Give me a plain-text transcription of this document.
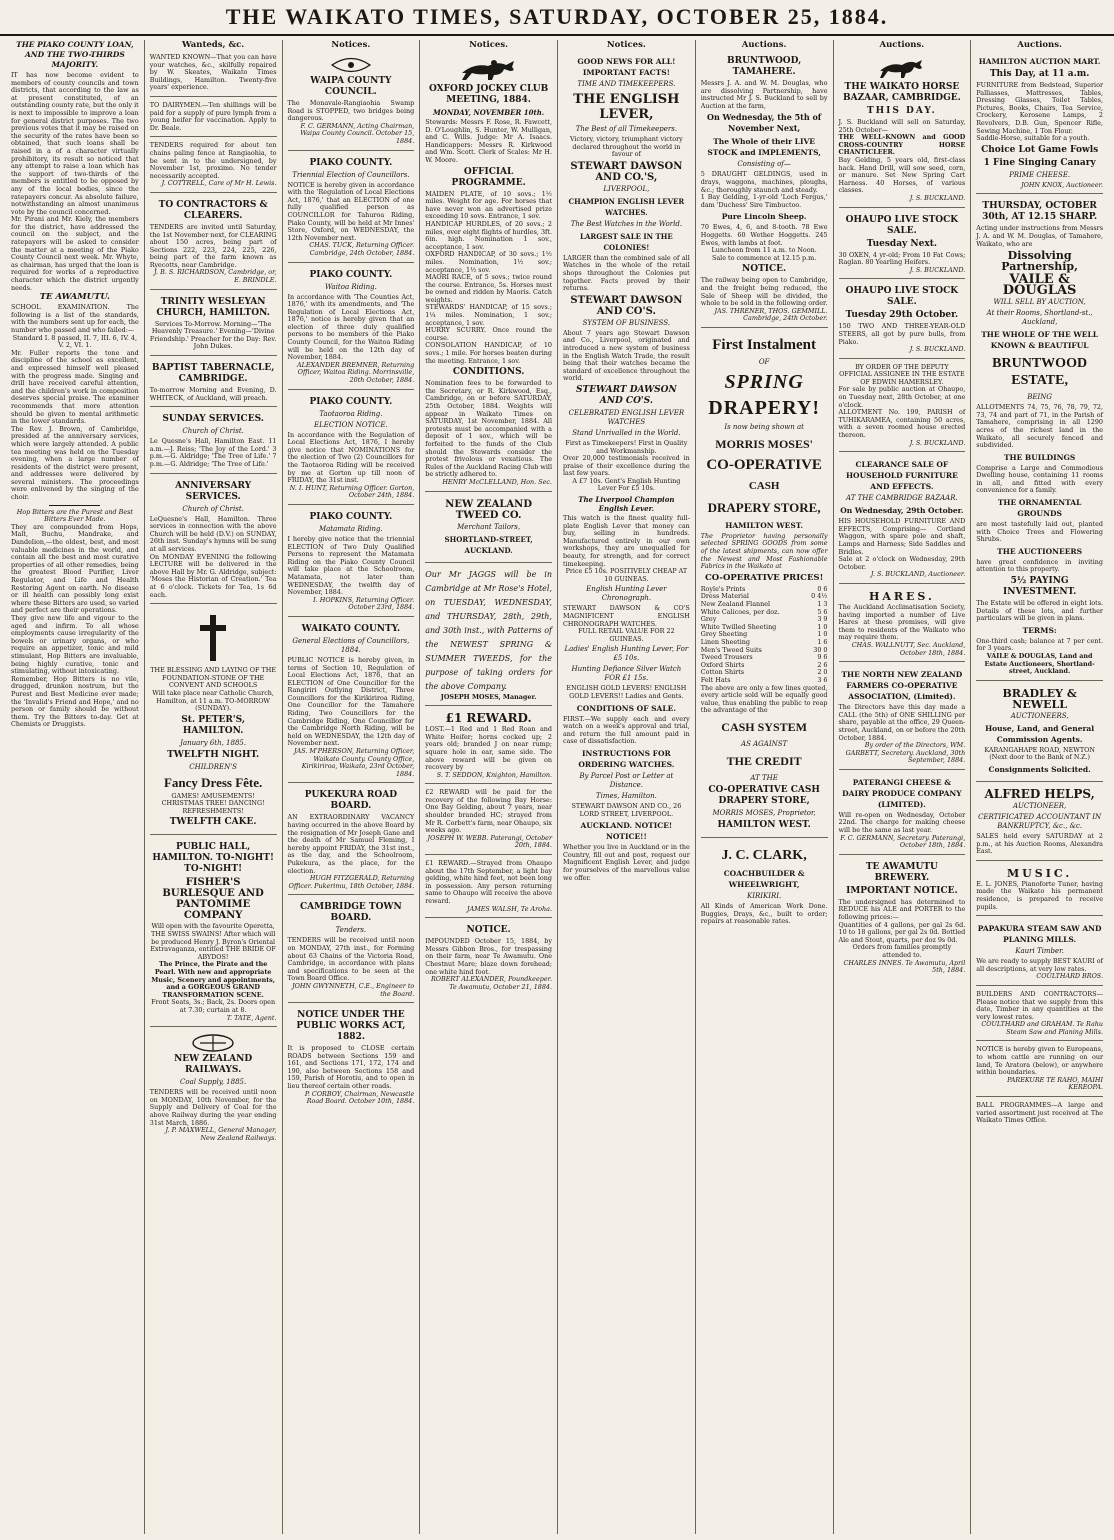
THE WAIKATO TIMES, SATURDAY, OCTOBER 25, 1884.
THE PIAKO COUNTY LOAN, AND THE TWO-THIRDS MAJORITY.

IT has now become evident to members of county councils and town districts, that according to the law as at present constituted, of an outstanding county rate, but the only it is next to impossible to improve a loan for general district purposes. The two previous votes that it may be raised on the security of the rates have been so obtained, that such loans shall be raised in a of a character virtually prohibitory, its result so noticed that any attempt to raise a loan which has the support of two-thirds of the members is entitled to be opposed by any of the local bodies, since the ratepayers concur. As absolute failure, notwithstanding an almost unanimous vote by the council concerned.

Mr. Pirani and Mr. Kiely, the members for the district, have addressed the council on the subject, and the ratepayers will be asked to consider the matter at a meeting of the Piako County Council next week. Mr. Whyte, as chairman, has urged that the loan is required for works of a reproductive character which the district urgently needs.

TE AWAMUTU.

SCHOOL EXAMINATION. The following is a list of the standards, with the numbers sent up for each, the number who passed and who failed:—

Standard I. 8 passed, II. 7, III. 6, IV. 4, V. 2, VI. 1.

Mr. Fuller reports the tone and discipline of the school as excellent, and expressed himself well pleased with the progress made. Singing and drill have received careful attention, and the children's work in composition deserves special praise. The examiner recommends that more attention should be given to mental arithmetic in the lower standards.

The Rev. J. Brown, of Cambridge, presided at the anniversary services, which were largely attended. A public tea meeting was held on the Tuesday evening, when a large number of residents of the district were present, and addresses were delivered by several ministers. The proceedings were enlivened by the singing of the choir.

Hop Bitters are the Purest and Best Bitters Ever Made.

They are compounded from Hops, Malt, Buchu, Mandrake, and Dandelion,—the oldest, best, and most valuable medicines in the world, and contain all the best and most curative properties of all other remedies, being the greatest Blood Purifier, Liver Regulator, and Life and Health Restoring Agent on earth. No disease or ill health can possibly long exist where these Bitters are used, so varied and perfect are their operations.

They give new life and vigour to the aged and infirm. To all whose employments cause irregularity of the bowels or urinary organs, or who require an appetizer, tonic and mild stimulant, Hop Bitters are invaluable, being highly curative, tonic and stimulating, without intoxicating.

Remember, Hop Bitters is no vile, drugged, drunken nostrum, but the Purest and Best Medicine ever made; the 'Invalid's Friend and Hope,' and no person or family should be without them. Try the Bitters to-day. Get at Chemists or Druggists.

Wanteds, &c.

WANTED KNOWN—That you can have your watches, &c., skilfully repaired by W. Skeates, Waikato Times Buildings, Hamilton. Twenty-five years' experience.

TO DAIRYMEN.—Ten shillings will be paid for a supply of pure lymph from a young heifer for vaccination. Apply to Dr. Beale.

TENDERS required for about ten chains paling fence at Rangiaohia, to be sent in to the undersigned, by November 1st, proximo. No tender necessarily accepted.

J. COTTRELL, Care of Mr H. Lewis.

TO CONTRACTORS & CLEARERS.

TENDERS are invited until Saturday, the 1st November next, for CLEARING about 150 acres, being part of Sections 222, 223, 224, 225, 226, being part of the farm known as Ryecotts, near Cambridge.

J. B. S. RICHARDSON, Cambridge, or, E. BRINDLE.

TRINITY WESLEYAN CHURCH, HAMILTON.

Services To-Morrow. Morning—'The Heavenly Treasure.' Evening—'Divine Friendship.' Preacher for the Day: Rev. John Dukes.

BAPTIST TABERNACLE, CAMBRIDGE.

To-morrow Morning and Evening, D. WHITECK, of Auckland, will preach.

SUNDAY SERVICES.
Church of Christ.

Le Quesne's Hall, Hamilton East. 11 a.m.—J. Reiss; 'The Joy of the Lord.' 3 p.m.—G. Aldridge; 'The Tree of Life.' 7 p.m.—G. Aldridge; 'The Tree of Life.'

ANNIVERSARY SERVICES.
Church of Christ.

LeQuesne's Hall, Hamilton. Three services in connection with the above Church will be held (D.V.) on SUNDAY, 26th inst. Sunday's hymns will be sung at all services.

On MONDAY EVENING the following LECTURE will be delivered in the above Hall by Mr. G. Aldridge, subject: 'Moses the Historian of Creation.' Tea at 6 o'clock. Tickets for Tea, 1s 6d each.

THE BLESSING AND LAYING OF THE FOUNDATION-STONE OF THE CONVENT AND SCHOOLS

Will take place near Catholic Church, Hamilton, at 11 a.m. TO-MORROW (SUNDAY).

St. PETER'S, HAMILTON.
January 6th, 1885.
TWELFTH NIGHT.
CHILDREN'S
Fancy Dress Fête.

GAMES! AMUSEMENTS! CHRISTMAS TREE! DANCING! REFRESHMENTS!

TWELFTH CAKE.
PUBLIC HALL, HAMILTON. TO-NIGHT! TO-NIGHT!
FISHER'S BURLESQUE AND PANTOMIME COMPANY

Will open with the favourite Operetta, THE SWISS SWAINS! After which will be produced Henry J. Byron's Oriental Extravaganza, entitled THE BRIDE OF ABYDOS!

The Prince, the Pirate and the Pearl. With new and appropriate Music, Scenery and appointments, and a GORGEOUS GRAND TRANSFORMATION SCENE.

Front Seats, 3s.; Back, 2s. Doors open at 7.30; curtain at 8.

T. TATE, Agent.

NEW ZEALAND RAILWAYS.
Coal Supply, 1885.

TENDERS will be received until noon on MONDAY, 10th November, for the Supply and Delivery of Coal for the above Railway during the year ending 31st March, 1886.

J. P. MAXWELL, General Manager, New Zealand Railways.

Notices.
WAIPA COUNTY COUNCIL.

The Monavale-Rangiaohia Swamp Road is STOPPED, two bridges being dangerous.

F. C. GERMANN, Acting Chairman, Waipa County Council. October 15, 1884.

PIAKO COUNTY.
Triennial Election of Councillors.

NOTICE is hereby given in accordance with the 'Regulation of Local Elections Act, 1876,' that an ELECTION of one fully qualified person as COUNCILLOR for Tahuroa Riding, Piako County, will be held at Mr Innes' Store, Oxford, on WEDNESDAY, the 12th November next.

CHAS. TUCK, Returning Officer. Cambridge, 24th October, 1884.

PIAKO COUNTY.
Waitoa Riding.

In accordance with 'The Counties Act, 1876,' with its amendments, and 'The Regulation of Local Elections Act, 1876,' notice is hereby given that an election of three duly qualified persons to be members of the Piako County Council, for the Waitoa Riding will be held on the 12th day of November, 1884.

ALEXANDER BREMNER, Returning Officer, Waitoa Riding. Morrinsville, 20th October, 1884.

PIAKO COUNTY.
Taotaoroa Riding.
ELECTION NOTICE.

In accordance with the Regulation of Local Elections Act, 1876, I hereby give notice that NOMINATIONS for the election of Two (2) Councillors for the Taotaoroa Riding will be received by me at Gorton up till noon of FRIDAY, the 31st inst.

N. I. HUNT, Returning Officer. Gorton, October 24th, 1884.

PIAKO COUNTY.
Matamata Riding.

I hereby give notice that the triennial ELECTION of Two Duly Qualified Persons to represent the Matamata Riding on the Piako County Council will take place at the Schoolroom, Matamata, not later than WEDNESDAY, the twelfth day of November, 1884.

I. HOPKINS, Returning Officer. October 23rd, 1884.

WAIKATO COUNTY.
General Elections of Councillors, 1884.

PUBLIC NOTICE is hereby given, in terms of Section 10, Regulation of Local Elections Act, 1876, that an ELECTION of One Councillor for the Rangiriri Outlying District, Three Councillors for the Kirikiriroa Riding, One Councillor for the Tamahere Riding, Two Councillors for the Cambridge Riding, One Councillor for the Cambridge North Riding, will be held on WEDNESDAY, the 12th day of November next.

JAS. M'PHERSON, Returning Officer, Waikato County. County Office, Kirikiriroa, Waikato, 23rd October, 1884.

PUKEKURA ROAD BOARD.

AN EXTRAORDINARY VACANCY having occurred in the above Board by the resignation of Mr Joseph Gane and the death of Mr Samuel Fleming, I hereby appoint FRIDAY, the 31st inst., as the day, and the Schoolroom, Pukekura, as the place, for the election.

HUGH FITZGERALD, Returning Officer. Pukerimu, 18th October, 1884.

CAMBRIDGE TOWN BOARD.
Tenders.

TENDERS will be received until noon on MONDAY, 27th inst., for Forming about 63 Chains of the Victoria Road, Cambridge, in accordance with plans and specifications to be seen at the Town Board Office.

JOHN GWYNNETH, C.E., Engineer to the Board.

NOTICE UNDER THE PUBLIC WORKS ACT, 1882.

It is proposed to CLOSE certain ROADS between Sections 159 and 161, and Sections 171, 172, 174 and 190, also between Sections 158 and 159, Parish of Horotiu, and to open in lieu thereof certain other roads.

P. CORBOY, Chairman, Newcastle Road Board. October 10th, 1884.

Notices.
OXFORD JOCKEY CLUB MEETING, 1884.
MONDAY, NOVEMBER 10th.

Stewards: Messrs F. Rose, R. Fawcett, D. O'Loughlin, S. Hunter, W. Mulligan, and C. Wills. Judge: Mr A. Isaacs. Handicappers: Messrs R. Kirkwood and Wm. Scott. Clerk of Scales: Mr H. W. Moore.

OFFICIAL PROGRAMME.

MAIDEN PLATE, of 10 sovs.; 1½ miles. Weight for age. For horses that have never won an advertised prize exceeding 10 sovs. Entrance, 1 sov.

HANDICAP HURDLES, of 20 sovs.; 2 miles, over eight flights of hurdles, 3ft. 6in. high. Nomination 1 sov., acceptance, 1 sov.

OXFORD HANDICAP, of 30 sovs.; 1½ miles. Nomination, 1½ sov.; acceptance, 1½ sov.

MAORI RACE, of 5 sovs.; twice round the course. Entrance, 5s. Horses must be owned and ridden by Maoris. Catch weights.

STEWARDS' HANDICAP, of 15 sovs.; 1¼ miles. Nomination, 1 sov.; acceptance, 1 sov.

HURRY SCURRY. Once round the course.

CONSOLATION HANDICAP, of 10 sovs.; 1 mile. For horses beaten during the meeting. Entrance, 1 sov.

CONDITIONS.

Nomination fees to be forwarded to the Secretary, or R. Kirkwood, Esq., Cambridge, on or before SATURDAY, 25th October, 1884. Weights will appear in Waikato Times on SATURDAY, 1st November, 1884. All protests must be accompanied with a deposit of 1 sov., which will be forfeited to the funds of the Club should the Stewards consider the protest frivolous or vexatious. The Rules of the Auckland Racing Club will be strictly adhered to.

HENRY McCLELLAND, Hon. Sec.

NEW ZEALAND TWEED CO.
Merchant Tailors,
SHORTLAND-STREET, AUCKLAND.

Our Mr JAGGS will be in Cambridge at Mr Rose's Hotel, on TUESDAY, WEDNESDAY, and THURSDAY, 28th, 29th, and 30th inst., with Patterns of the NEWEST SPRING & SUMMER TWEEDS, for the purpose of taking orders for the above Company.

JOSEPH MOSES, Manager.

£1 REWARD.

LOST.—1 Red and 1 Red Roan and White Heifer; horns cocked up; 2 years old; branded J on near rump; square hole in ear, same side. The above reward will be given on recovery by

S. T. SEDDON, Knighton, Hamilton.

£2 REWARD will be paid for the recovery of the following Bay Horse: One Bay Gelding, about 7 years, near shoulder branded HC; strayed from Mr R. Corbett's farm, near Ohaupo, six weeks ago.

JOSEPH W. WEBB. Paterangi, October 20th, 1884.

£1 REWARD.—Strayed from Ohaupo about the 17th September, a light bay gelding, white hind feet, not been long in possession. Any person returning same to Ohaupo will receive the above reward.

JAMES WALSH, Te Aroha.

NOTICE.

IMPOUNDED October 15, 1884, by Messrs Gibbon Bros., for trespassing on their farm, near Te Awamutu. One Chestnut Mare; blaze down forehead; one white hind foot.

ROBERT ALEXANDER, Poundkeeper. Te Awamutu, October 21, 1884.

Notices.
GOOD NEWS FOR ALL! IMPORTANT FACTS!
TIME AND TIMEKEEPERS.
THE ENGLISH LEVER,
The Best of all Timekeepers.

Victory, victory, triumphant victory declared throughout the world in favour of

STEWART DAWSON AND CO.'S,
LIVERPOOL,
CHAMPION ENGLISH LEVER WATCHES.
The Best Watches in the World.
LARGEST SALE IN THE COLONIES!

LARGER than the combined sale of all Watches in the whole of the retail shops throughout the Colonies put together. Facts proved by their returns.

STEWART DAWSON AND CO'S.
SYSTEM OF BUSINESS.

About 7 years ago Stewart Dawson and Co., Liverpool, originated and introduced a new system of business in the English Watch Trade, the result being that their watches became the standard of excellence throughout the world.

STEWART DAWSON AND CO'S.
CELEBRATED ENGLISH LEVER WATCHES
Stand Unrivalled in the World.

First as Timekeepers! First in Quality and Workmanship.

Over 20,000 testimonials received in praise of their excellence during the last few years.

A £7 10s. Gent's English Hunting Lever For £5 10s.

The Liverpool Champion English Lever.

This watch is the finest quality full-plate English Lever that money can buy, selling in hundreds. Manufactured entirely in our own workshops, they are unequalled for beauty, for strength, and for correct timekeeping.

Price £5 10s. POSITIVELY CHEAP AT 10 GUINEAS.

English Hunting Lever Chronograph.

STEWART DAWSON & CO'S MAGNIFICENT ENGLISH CHRONOGRAPH WATCHES.

FULL RETAIL VALUE FOR 22 GUINEAS.

Ladies' English Hunting Lever, For £5 10s.
Hunting Defiance Silver Watch FOR £1 15s.

ENGLISH GOLD LEVERS! ENGLISH GOLD LEVERS!! Ladies and Gents.

CONDITIONS OF SALE.

FIRST.—We supply each and every watch on a week's approval and trial, and return the full amount paid in case of dissatisfaction.

INSTRUCTIONS FOR ORDERING WATCHES.
By Parcel Post or Letter at Distance.
Times, Hamilton.

STEWART DAWSON AND CO., 26 LORD STREET, LIVERPOOL.

AUCKLAND. NOTICE! NOTICE!!

Whether you live in Auckland or in the Country, fill out and post, request our Magnificent English Lever, and judge for yourselves of the marvellous value we offer.

Auctions.
BRUNTWOOD, TAMAHERE.

Messrs J. A. and W. M. Douglas, who are dissolving Partnership, have instructed Mr J. S. Buckland to sell by Auction at the farm,

On Wednesday, the 5th of November Next,
The Whole of their LIVE STOCK and IMPLEMENTS,
Consisting of—

5 DRAUGHT GELDINGS, used in drays, waggons, machines, ploughs, &c.; thoroughly staunch and steady.

1 Bay Gelding, 1-yr-old 'Loch Fergus,' dam 'Duchess' Sire Timbuctoo.

Pure Lincoln Sheep.

70 Ewes, 4, 6, and 8-tooth. 78 Ewe Hoggetts. 60 Wether Hoggetts. 245 Ewes, with lambs at foot.

Luncheon from 11 a.m. to Noon.

Sale to commence at 12.15 p.m.

NOTICE.

The railway being open to Cambridge, and the freight being reduced, the Sale of Sheep will be divided, the whole to be sold in the following order.

JAS. THRENER, THOS. GEMMILL. Cambridge, 24th October.

First Instalment
OF
SPRING
DRAPERY!
Is now being shown at
MORRIS MOSES'
CO-OPERATIVE
CASH
DRAPERY STORE,
HAMILTON WEST.

The Proprietor having personally selected SPRING GOODS from some of the latest shipments, can now offer the Newest and Most Fashionable Fabrics in the Waikato at

CO-OPERATIVE PRICES!
Royle's Prints	0 6
Dress Material	0 4½
New Zealand Flannel	1 3
White Calicoes, per doz.	5 6
Grey	3 9
White Twilled Sheeting	1 0
Grey Sheeting	1 0
Linen Sheeting	1 6
Men's Tweed Suits	30 0
Tweed Trousers	9 6
Oxford Shirts	2 6
Cotton Shirts	2 0
Felt Hats	3 6

The above are only a few lines quoted, every article sold will be equally good value, thus enabling the public to reap the advantage of the

CASH SYSTEM
AS AGAINST
THE CREDIT
AT THE
CO-OPERATIVE CASH DRAPERY STORE,
MORRIS MOSES, Proprietor,
HAMILTON WEST.
J. C. CLARK,
COACHBUILDER & WHEELWRIGHT,
KIRIKIRI.

All Kinds of American Work Done. Buggies, Drays, &c., built to order; repairs at reasonable rates.

Auctions.
THE WAIKATO HORSE BAZAAR, CAMBRIDGE.
THIS DAY.

J. S. Buckland will sell on Saturday, 25th October—

THE WELL-KNOWN and GOOD CROSS-COUNTRY HORSE CHANTICLEER.

Bay Gelding, 5 years old, first-class hack. Hand Drill, will sow seed, corn, or manure. Set New Spring Cart Harness. 40 Horses, of various classes.

J. S. BUCKLAND.

OHAUPO LIVE STOCK SALE.
Tuesday Next.

30 OXEN, 4 yr-old; From 10 Fat Cows; Raglan. 80 Yearling Heifers.

J. S. BUCKLAND.

OHAUPO LIVE STOCK SALE.
Tuesday 29th October.

150 TWO AND THREE-YEAR-OLD STEERS, all got by pure bulls, from Piako.

J. S. BUCKLAND.

BY ORDER OF THE DEPUTY OFFICIAL ASSIGNEE IN THE ESTATE OF EDWIN HAMERSLEY.

For sale by public auction at Ohaupo, on Tuesday next, 28th October, at one o'clock.

ALLOTMENT No. 199, PARISH of TUHIKARAMEA, containing 50 acres, with a seven roomed house erected thereon.

J. S. BUCKLAND.

CLEARANCE SALE OF HOUSEHOLD FURNITURE AND EFFECTS.
AT THE CAMBRIDGE BAZAAR.
On Wednesday, 29th October.

HIS HOUSEHOLD FURNITURE AND EFFECTS, Comprising— Cortland Waggon, with spare pole and shaft, Lamps and Harness; Side Saddles and Bridles.

Sale at 2 o'clock on Wednesday, 29th October.

J. S. BUCKLAND, Auctioneer.

HARES.

The Auckland Acclimatisation Society, having imported a number of Live Hares at these premises, will give them to residents of the Waikato who may require them.

CHAS. WALLNUTT, Sec. Auckland, October 18th, 1884.

THE NORTH NEW ZEALAND FARMERS CO-OPERATIVE ASSOCIATION, (Limited).

The Directors have this day made a CALL (the 5th) of ONE SHILLING per share, payable at the office, 29 Queen-street, Auckland, on or before the 20th October, 1884.

By order of the Directors, WM. GARBETT, Secretary. Auckland, 30th September, 1884.

PATERANGI CHEESE & DAIRY PRODUCE COMPANY (LIMITED).

Will re-open on Wednesday, October 22nd. The charge for making cheese will be the same as last year.

F. C. GERMANN, Secretary. Paterangi, October 18th, 1884.

TE AWAMUTU BREWERY.
IMPORTANT NOTICE.

The undersigned has determined to REDUCE his ALE and PORTER to the following prices:—

Quantities of 4 gallons, per gal 2s 6d. 10 to 18 gallons, per gal 2s 0d. Bottled Ale and Stout, quarts, per doz 9s 0d.

Orders from families promptly attended to.

CHARLES INNES. Te Awamutu, April 5th, 1884.

Auctions.
HAMILTON AUCTION MART.
This Day, at 11 a.m.

FURNITURE from Bedstead, Superior Palliasses, Mattresses, Tables, Dressing Glasses, Toilet Tables, Pictures, Books, Chairs, Tea Service, Crockery, Kerosene Lamps, 2 Revolvers, D.B. Gun, Spencer Rifle, Sewing Machine, 1 Ton Flour.

Saddle-Horse, suitable for a youth.

Choice Lot Game Fowls
1 Fine Singing Canary
PRIME CHEESE.

JOHN KNOX, Auctioneer.

THURSDAY, OCTOBER 30th, AT 12.15 SHARP.

Acting under instructions from Messrs J. A. and W. M. Douglas, of Tamahere, Waikato, who are

Dissolving Partnership,
VAILE & DOUGLAS
WILL SELL BY AUCTION,
At their Rooms, Shortland-st., Auckland,
THE WHOLE OF THE WELL KNOWN & BEAUTIFUL
BRUNTWOOD ESTATE,
BEING

ALLOTMENTS 74, 75, 76, 78, 79, 72, 73, 74 and part of 71, in the Parish of Tamahere, comprising in all 1290 acres of the richest land in the Waikato, all securely fenced and subdivided.

THE BUILDINGS

Comprise a Large and Commodious Dwelling house, containing 11 rooms in all, and fitted with every convenience for a family.

THE ORNAMENTAL GROUNDS

are most tastefully laid out, planted with Choice Trees and Flowering Shrubs.

THE AUCTIONEERS

have great confidence in inviting attention to this property.

5½ PAYING INVESTMENT.

The Estate will be offered in eight lots. Details of these lots, and further particulars will be given in plans.

TERMS:

One-third cash; balance at 7 per cent. for 3 years.

VAILE & DOUGLAS, Land and Estate Auctioneers, Shortland-street, Auckland.

BRADLEY & NEWELL
AUCTIONEERS,
House, Land, and General Commission Agents.

KARANGAHAPE ROAD, NEWTON (Next door to the Bank of N.Z.)

Consignments Solicited.
ALFRED HELPS,
AUCTIONEER,
CERTIFICATED ACCOUNTANT IN BANKRUPTCY, &c., &c.

SALES held every SATURDAY at 2 p.m., at his Auction Rooms, Alexandra East.

MUSIC.

E. L. JONES, Pianoforte Tuner, having made the Waikato his permanent residence, is prepared to receive pupils.

PAPAKURA STEAM SAW AND PLANING MILLS.
Kauri Timber.

We are ready to supply BEST KAURI of all descriptions, at very low rates.

COULTHARD BROS.

BUILDERS AND CONTRACTORS—Please notice that we supply from this date, Timber in any quantities at the very lowest rates.

COULTHARD and GRAHAM. Te Rahu Steam Saw and Planing Mills.

NOTICE is hereby given to Europeans, to whom cattle are running on our land, Te Aratora (below), or anywhere within boundaries.

PAREKURE TE RAHO, MAIHI KEREOPA.

BALL PROGRAMMES—A large and varied assortment just received at The Waikato Times Office.
